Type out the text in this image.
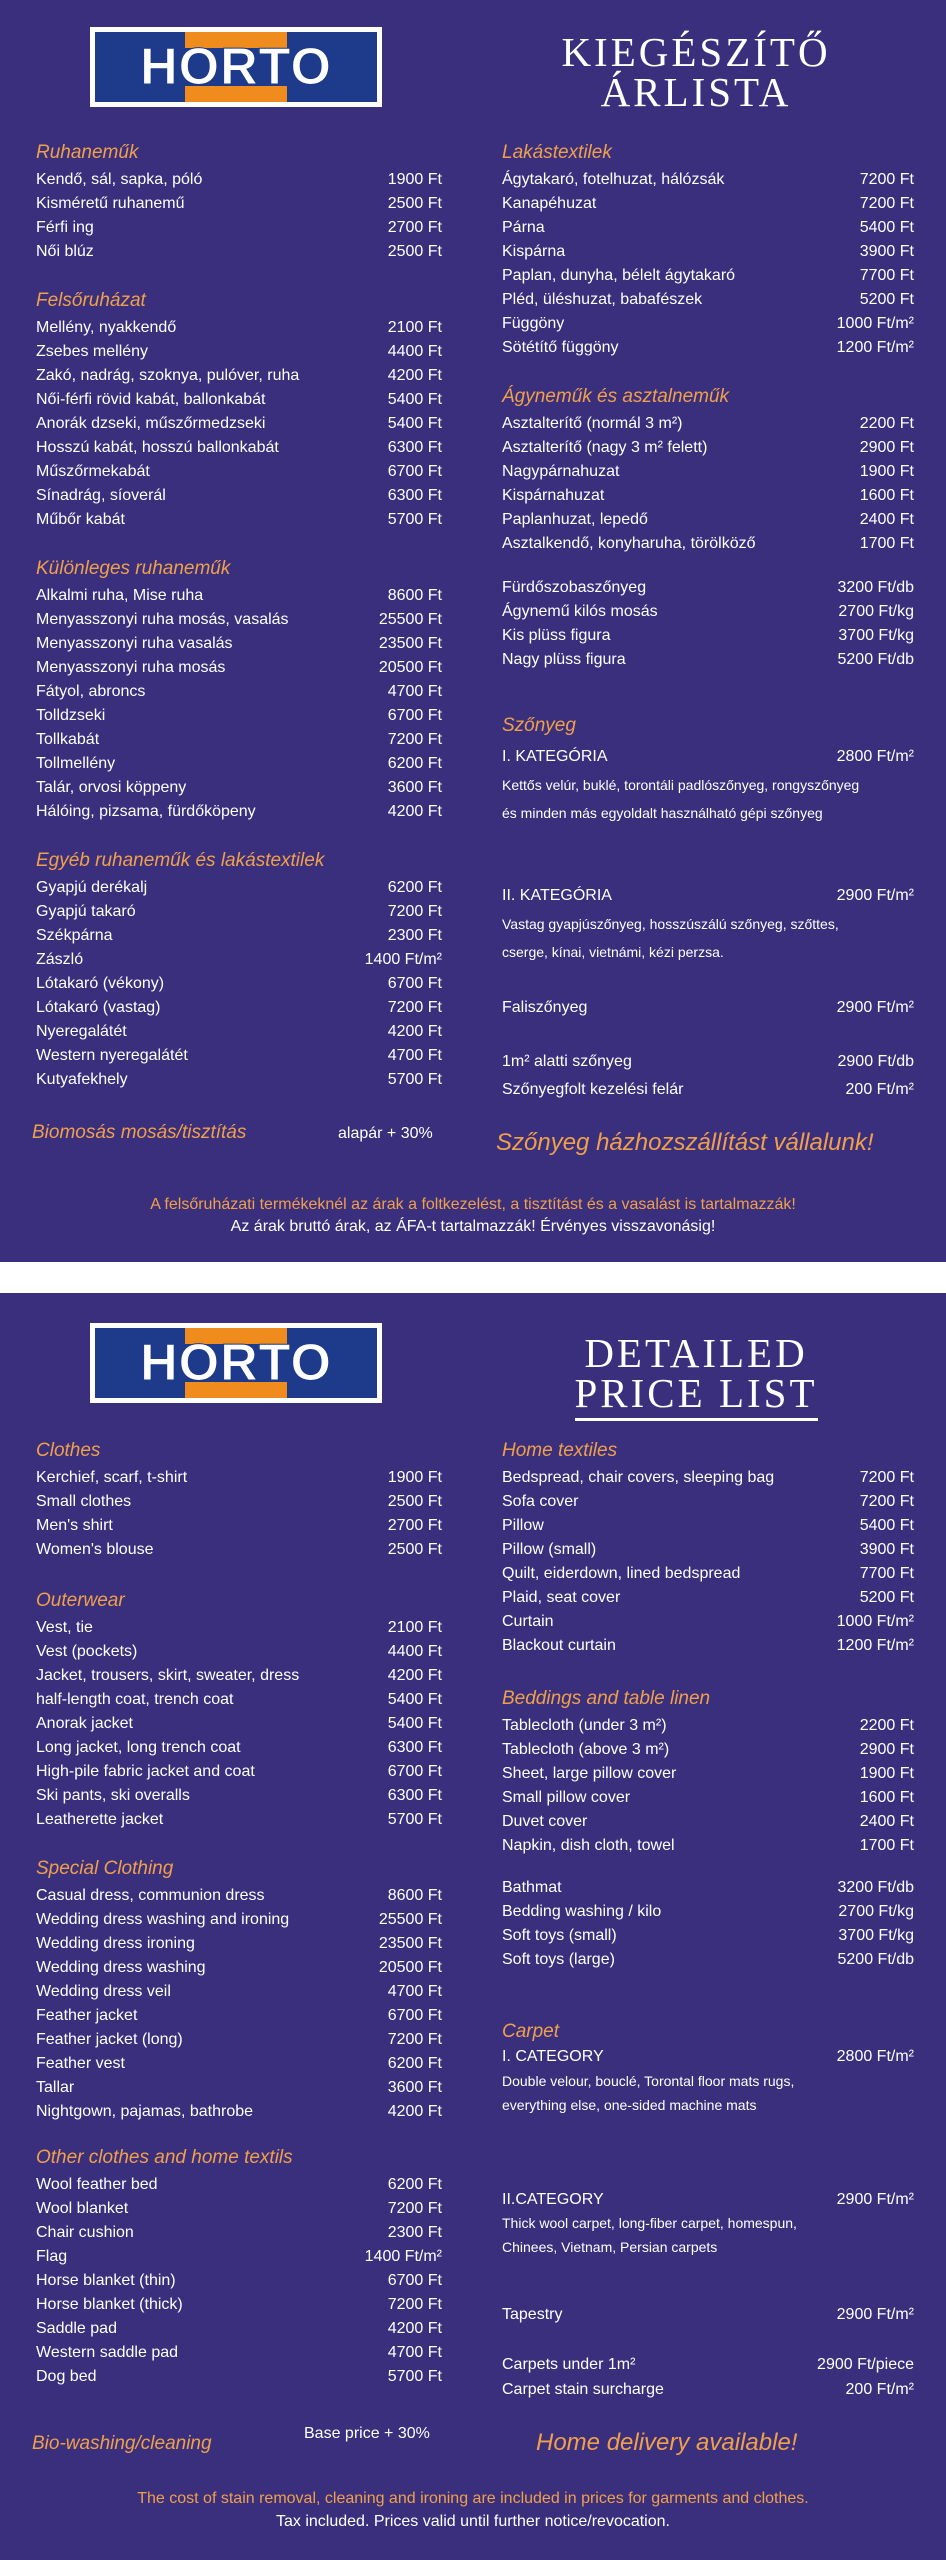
HORTO	KIEGÉSZÍTŐ
ÁRLISTA
Ruhaneműk
Kendő, sál, sapka, póló	1900 Ft
Kisméretű ruhanemű	2500 Ft
Férfi ing	2700 Ft
Női blúz	2500 Ft
Felsőruházat
Mellény, nyakkendő	2100 Ft
Zsebes mellény	4400 Ft
Zakó, nadrág, szoknya, pulóver, ruha	4200 Ft
Női-férfi rövid kabát, ballonkabát	5400 Ft
Anorák dzseki, műszőrmedzseki	5400 Ft
Hosszú kabát, hosszú ballonkabát	6300 Ft
Műszőrmekabát	6700 Ft
Sínadrág, síoverál	6300 Ft
Műbőr kabát	5700 Ft
Különleges ruhaneműk
Alkalmi ruha, Mise ruha	8600 Ft
Menyasszonyi ruha mosás, vasalás	25500 Ft
Menyasszonyi ruha vasalás	23500 Ft
Menyasszonyi ruha mosás	20500 Ft
Fátyol, abroncs	4700 Ft
Tolldzseki	6700 Ft
Tollkabát	7200 Ft
Tollmellény	6200 Ft
Talár, orvosi köppeny	3600 Ft
Hálóing, pizsama, fürdőköpeny	4200 Ft
Egyéb ruhaneműk és lakástextilek
Gyapjú derékalj	6200 Ft
Gyapjú takaró	7200 Ft
Székpárna	2300 Ft
Zászló	1400 Ft/m²
Lótakaró (vékony)	6700 Ft
Lótakaró (vastag)	7200 Ft
Nyeregalátét	4200 Ft
Western nyeregalátét	4700 Ft
Kutyafekhely	5700 Ft
Lakástextilek
Ágytakaró, fotelhuzat, hálózsák	7200 Ft
Kanapéhuzat	7200 Ft
Párna	5400 Ft
Kispárna	3900 Ft
Paplan, dunyha, bélelt ágytakaró	7700 Ft
Pléd, üléshuzat, babafészek	5200 Ft
Függöny	1000 Ft/m²
Sötétítő függöny	1200 Ft/m²
Ágyneműk és asztalneműk
Asztalterítő (normál 3 m²)	2200 Ft
Asztalterítő (nagy 3 m² felett)	2900 Ft
Nagypárnahuzat	1900 Ft
Kispárnahuzat	1600 Ft
Paplanhuzat, lepedő	2400 Ft
Asztalkendő, konyharuha, törölköző	1700 Ft
Fürdőszobaszőnyeg	3200 Ft/db
Ágynemű kilós mosás	2700 Ft/kg
Kis plüss figura	3700 Ft/kg
Nagy plüss figura	5200 Ft/db
Szőnyeg
I. KATEGÓRIA	2800 Ft/m²
II. KATEGÓRIA	2900 Ft/m²
Faliszőnyeg	2900 Ft/m²
1m² alatti szőnyeg	2900 Ft/db
Szőnyegfolt kezelési felár	200 Ft/m²
Kettős velúr, buklé, torontáli padlószőnyeg, rongyszőnyeg és minden más egyoldalt használható gépi szőnyeg
Vastag gyapjúszőnyeg, hosszúszálú szőnyeg, szőttes, cserge, kínai, vietnámi, kézi perzsa.
Biomosás mosás/tisztítás	alapár + 30%	Szőnyeg házhozszállítást vállalunk!
A felsőruházati termékeknél az árak a foltkezelést, a tisztítást és a vasalást is tartalmazzák!
Az árak bruttó árak, az ÁFA-t tartalmazzák! Érvényes visszavonásig!
HORTO	DETAILED
PRICE LIST
Clothes
Kerchief, scarf, t-shirt	1900 Ft
Small clothes	2500 Ft
Men's shirt	2700 Ft
Women's blouse	2500 Ft
Outerwear
Vest, tie	2100 Ft
Vest (pockets)	4400 Ft
Jacket, trousers, skirt, sweater, dress	4200 Ft
half-length coat, trench coat	5400 Ft
Anorak jacket	5400 Ft
Long jacket, long trench coat	6300 Ft
High-pile fabric jacket and coat	6700 Ft
Ski pants, ski overalls	6300 Ft
Leatherette jacket	5700 Ft
Special Clothing
Casual dress, communion dress	8600 Ft
Wedding dress washing and ironing	25500 Ft
Wedding dress ironing	23500 Ft
Wedding dress washing	20500 Ft
Wedding dress veil	4700 Ft
Feather jacket	6700 Ft
Feather jacket (long)	7200 Ft
Feather vest	6200 Ft
Tallar	3600 Ft
Nightgown, pajamas, bathrobe	4200 Ft
Other clothes and home textils
Wool feather bed	6200 Ft
Wool blanket	7200 Ft
Chair cushion	2300 Ft
Flag	1400 Ft/m²
Horse blanket (thin)	6700 Ft
Horse blanket (thick)	7200 Ft
Saddle pad	4200 Ft
Western saddle pad	4700 Ft
Dog bed	5700 Ft
Home textiles
Bedspread, chair covers, sleeping bag	7200 Ft
Sofa cover	7200 Ft
Pillow	5400 Ft
Pillow (small)	3900 Ft
Quilt, eiderdown, lined bedspread	7700 Ft
Plaid, seat cover	5200 Ft
Curtain	1000 Ft/m²
Blackout curtain	1200 Ft/m²
Beddings and table linen
Tablecloth (under 3 m²)	2200 Ft
Tablecloth (above 3 m²)	2900 Ft
Sheet, large pillow cover	1900 Ft
Small pillow cover	1600 Ft
Duvet cover	2400 Ft
Napkin, dish cloth, towel	1700 Ft
Bathmat	3200 Ft/db
Bedding washing / kilo	2700 Ft/kg
Soft toys (small)	3700 Ft/kg
Soft toys (large)	5200 Ft/db
Carpet
I. CATEGORY	2800 Ft/m²
II.CATEGORY	2900 Ft/m²
Tapestry	2900 Ft/m²
Carpets under 1m²	2900 Ft/piece
Carpet stain surcharge	200 Ft/m²
Double velour, bouclé, Torontal floor mats rugs, everything else, one-sided machine mats
Thick wool carpet, long-fiber carpet, homespun, Chinees, Vietnam, Persian carpets
Bio-washing/cleaning	Base price + 30%	Home delivery available!
The cost of stain removal, cleaning and ironing are included in prices for garments and clothes.
Tax included. Prices valid until further notice/revocation.
